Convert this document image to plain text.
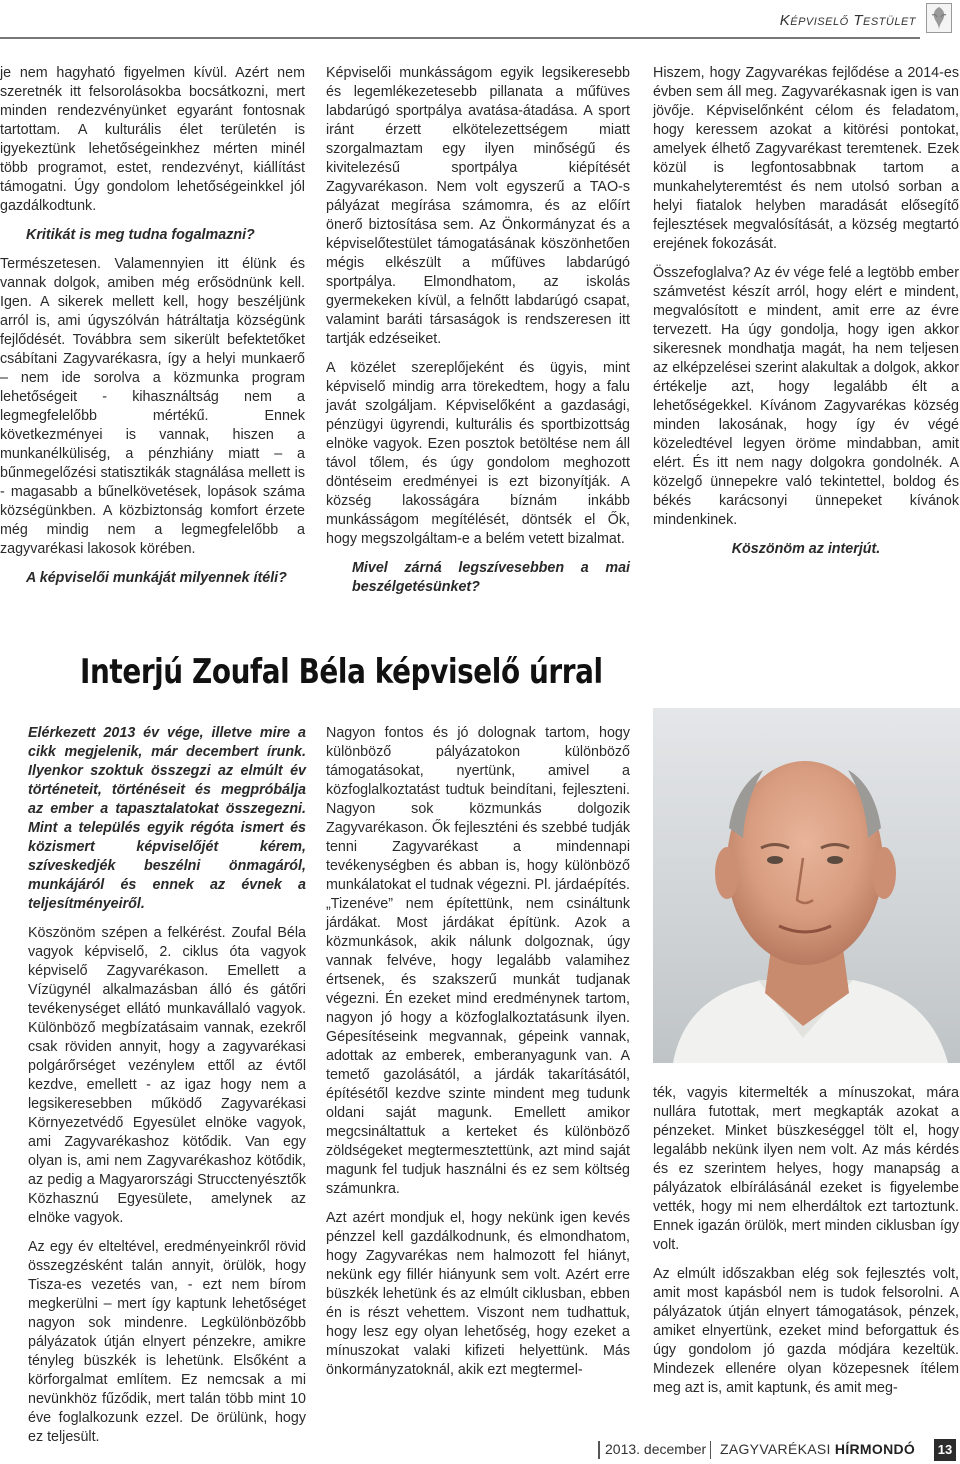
Képviselő Testület

je nem hagyható figyelmen kívül. Azért nem szeretnék itt felsorolásokba bocsátkozni, mert minden rendezvényünket egyaránt fontosnak tartottam. A kulturális élet területén is igyekeztünk lehetőségeinkhez mérten minél több programot, estet, rendezvényt, kiállítást támogatni. Úgy gondolom lehetőségeinkkel jól gazdálkodtunk.

Kritikát is meg tudna fogalmazni?

Természetesen. Valamennyien itt élünk és vannak dolgok, amiben még erősödnünk kell. Igen. A sikerek mellett kell, hogy beszéljünk arról is, ami úgyszólván hátráltatja községünk fejlődését. Továbbra sem sikerült befektetőket csábítani Zagyvarékasra, így a helyi munkaerő – nem ide sorolva a közmunka program lehetőségeit - kihasználtság nem a legmegfelelőbb mértékű. Ennek következményei is vannak, hiszen a munkanélküliség, a pénzhiány miatt – a bűnmegelőzési statisztikák stagnálása mellett is - magasabb a bűnelkövetések, lopások száma községünkben. A közbiztonság komfort érzete még mindig nem a legmegfelelőbb a zagyvarékasi lakosok körében.

A képviselői munkáját milyennek ítéli?

Képviselői munkásságom egyik legsikeresebb és legemlékezetesebb pillanata a műfüves labdarúgó sportpálya avatása-átadása. A sport iránt érzett elkötelezettségem miatt szorgalmaztam egy ilyen minőségű és kivitelezésű sportpálya kiépítését Zagyvarékason. Nem volt egyszerű a TAO-s pályázat megírása számomra, és az előírt önerő biztosítása sem. Az Önkormányzat és a képviselőtestület támogatásának köszönhetően mégis elkészült a műfüves labdarúgó sportpálya. Elmondhatom, az iskolás gyermekeken kívül, a felnőtt labdarúgó csapat, valamint baráti társaságok is rendszeresen itt tartják edzéseiket.

A közélet szereplőjeként és ügyis, mint képviselő mindig arra törekedtem, hogy a falu javát szolgáljam. Képviselőként a gazdasági, pénzügyi ügyrendi, kulturális és sportbizottság elnöke vagyok. Ezen posztok betöltése nem áll távol tőlem, és úgy gondolom meghozott döntéseim eredményei is ezt bizonyítják. A község lakosságára bíznám inkább munkásságom megítélését, döntsék el Ők, hogy megszolgáltam-e a belém vetett bizalmat.

Mivel zárná legszívesebben a mai beszélgetésünket?

Hiszem, hogy Zagyvarékas fejlődése a 2014-es évben sem áll meg. Zagyvarékasnak igen is van jövője. Képviselőnként célom és feladatom, hogy keressem azokat a kitörési pontokat, amelyek élhető Zagyvarékast teremtenek. Ezek közül is legfontosabbnak tartom a munkahelyteremtést és nem utolsó sorban a helyi fiatalok helyben maradását elősegítő fejlesztések megvalósítását, a község megtartó erejének fokozását.

Összefoglalva? Az év vége felé a legtöbb ember számvetést készít arról, hogy elért e mindent, megvalósított e mindent, amit erre az évre tervezett. Ha úgy gondolja, hogy igen akkor sikeresnek mondhatja magát, ha nem teljesen az elképzelései szerint alakultak a dolgok, akkor értékelje azt, hogy legalább élt a lehetőségekkel. Kívánom Zagyvarékas község minden lakosának, hogy így év végé közeledtével legyen öröme mindabban, amit elért. És itt nem nagy dolgokra gondolnék. A közelgő ünnepekre való tekintettel, boldog és békés karácsonyi ünnepeket kívánok mindenkinek.

Köszönöm az interjút.

Interjú Zoufal Béla képviselő úrral

Elérkezett 2013 év vége, illetve mire a cikk megjelenik, már decembert írunk. Ilyenkor szoktuk összegzi az elmúlt év történeteit, történéseit és megpróbálja az ember a tapasztalatokat összegezni. Mint a település egyik régóta ismert és közismert képviselőjét kérem, szíveskedjék beszélni önmagáról, munkájáról és ennek az évnek a teljesítményeiről.

Köszönöm szépen a felkérést. Zoufal Béla vagyok képviselő, 2. ciklus óta vagyok képviselő Zagyvarékason. Emellett a Vízügynél alkalmazásban álló és gátőri tevékenységet ellátó munkavállaló vagyok. Különböző megbízatásaim vannak, ezekről csak röviden annyit, hogy a zagyvarékasi polgárőrséget vezényleм ettől az évtől kezdve, emellett - az igaz hogy nem a legsikeresebben működő Zagyvarékasi Környezetvédő Egyesület elnöke vagyok, ami Zagyvarékashoz kötődik. Van egy olyan is, ami nem Zagyvarékashoz kötődik, az pedig a Magyarországi Strucctenyésztők Közhasznú Egyesülete, amelynek az elnöke vagyok.

Az egy év elteltével, eredményeinkről rövid összegzésként talán annyit, örülök, hogy Tisza-es vezetés van, - ezt nem bírom megkerülni – mert így kaptunk lehetőséget nagyon sok mindenre. Legkülönbözőbb pályázatok útján elnyert pénzekre, amikre tényleg büszkék is lehetünk. Elsőként a körforgalmat említem. Ez nemcsak a mi nevünkhöz fűződik, mert talán több mint 10 éve foglalkozunk ezzel. De örülünk, hogy ez teljesült.

Nagyon fontos és jó dolognak tartom, hogy különböző pályázatokon különböző támogatásokat, nyertünk, amivel a közfoglalkoztatást tudtuk beindítani, fejleszteni. Nagyon sok közmunkás dolgozik Zagyvarékason. Ők fejleszténi és szebbé tudják tenni Zagyvarékast a mindennapi tevékenységben és abban is, hogy különböző munkálatokat el tudnak végezni. Pl. járdaépítés. „Tizenéve” nem építettünk, nem csináltunk járdákat. Most járdákat építünk. Azok a közmunkások, akik nálunk dolgoznak, úgy vannak felvéve, hogy legalább valamihez értsenek, és szakszerű munkát tudjanak végezni. Én ezeket mind eredménynek tartom, nagyon jó hogy a közfoglalkoztatásunk ilyen. Gépesítéseink megvannak, gépeink vannak, adottak az emberek, emberanyagunk van. A temető gazolásától, a járdák takarításától, építésétől kezdve szinte mindent meg tudunk oldani saját magunk. Emellett amikor megcsináltattuk a kerteket és különböző zöldségeket megtermesztettünk, azt mind saját magunk fel tudjuk használni és ez sem költség számunkra.

Azt azért mondjuk el, hogy nekünk igen kevés pénzzel kell gazdálkodnunk, és elmondhatom, hogy Zagyvarékas nem halmozott fel hiányt, nekünk egy fillér hiányunk sem volt. Azért erre büszkék lehetünk és az elmúlt ciklusban, ebben én is részt vehettem. Viszont nem tudhattuk, hogy lesz egy olyan lehetőség, hogy ezeket a mínuszokat valaki kifizeti helyettünk. Más önkormányzatoknál, akik ezt megtermel-

ték, vagyis kitermelték a mínuszokat, mára nullára futottak, mert megkapták azokat a pénzeket. Minket büszkeséggel tölt el, hogy legalább nekünk ilyen nem volt. Az más kérdés és ez szerintem helyes, hogy manapság a pályázatok elbírálásánál ezeket is figyelembe vették, hogy mi nem elherdáltok ezt tartoztunk. Ennek igazán örülök, mert minden ciklusban így volt.

Az elmúlt időszakban elég sok fejlesztés volt, amit most kapásból nem is tudok felsorolni. A pályázatok útján elnyert támogatások, pénzek, amiket elnyertünk, ezeket mind beforgattuk és úgy gondolom jó gazda módjára kezeltük. Mindezek ellenére olyan közepesnek ítélem meg azt is, amit kaptunk, és amit meg-

2013. december ZAGYVARÉKASI HÍRMONDÓ 13
